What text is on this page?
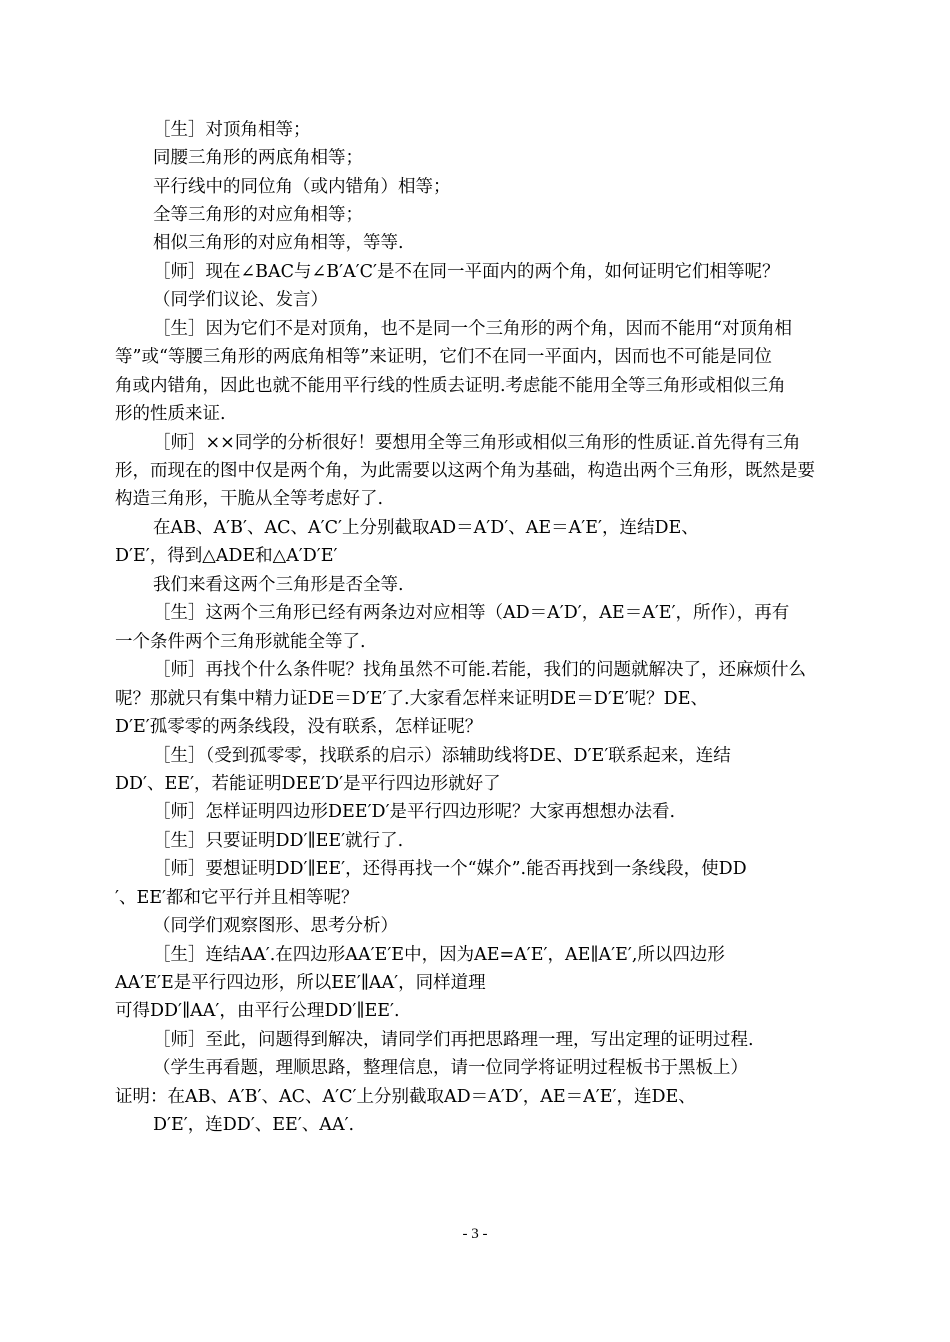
［生］对顶角相等；
同腰三角形的两底角相等；
平行线中的同位角（或内错角）相等；
全等三角形的对应角相等；
相似三角形的对应角相等，等等.
［师］现在∠BAC与∠B′A′C′是不在同一平面内的两个角，如何证明它们相等呢？
（同学们议论、发言）
［生］因为它们不是对顶角，也不是同一个三角形的两个角，因而不能用“对顶角相
等”或“等腰三角形的两底角相等”来证明，它们不在同一平面内，因而也不可能是同位
角或内错角，因此也就不能用平行线的性质去证明.考虑能不能用全等三角形或相似三角
形的性质来证.
［师］××同学的分析很好！要想用全等三角形或相似三角形的性质证.首先得有三角
形，而现在的图中仅是两个角，为此需要以这两个角为基础，构造出两个三角形，既然是要
构造三角形，干脆从全等考虑好了.
在AB、A′B′、AC、A′C′上分别截取AD＝A′D′、AE＝A′E′，连结DE、
D′E′，得到△ADE和△A′D′E′
我们来看这两个三角形是否全等.
［生］这两个三角形已经有两条边对应相等（AD＝A′D′，AE＝A′E′，所作），再有
一个条件两个三角形就能全等了.
［师］再找个什么条件呢？找角虽然不可能.若能，我们的问题就解决了，还麻烦什么
呢？那就只有集中精力证DE＝D′E′了.大家看怎样来证明DE＝D′E′呢？DE、
D′E′孤零零的两条线段，没有联系，怎样证呢？
［生］（受到孤零零，找联系的启示）添辅助线将DE、D′E′联系起来，连结
DD′、EE′，若能证明DEE′D′是平行四边形就好了
［师］怎样证明四边形DEE′D′是平行四边形呢？大家再想想办法看.
［生］只要证明DD′∥EE′就行了.
［师］要想证明DD′∥EE′，还得再找一个“媒介”.能否再找到一条线段，使DD
′、EE′都和它平行并且相等呢？
（同学们观察图形、思考分析）
［生］连结AA′.在四边形AA′E′E中，因为AE=A′E′，AE∥A′E′,所以四边形
AA′E′E是平行四边形，所以EE′∥AA′，同样道理
可得DD′∥AA′，由平行公理DD′∥EE′.
［师］至此，问题得到解决，请同学们再把思路理一理，写出定理的证明过程.
（学生再看题，理顺思路，整理信息，请一位同学将证明过程板书于黑板上）
证明：在AB、A′B′、AC、A′C′上分别截取AD＝A′D′，AE＝A′E′，连DE、
D′E′，连DD′、EE′、AA′.
- 3 -
